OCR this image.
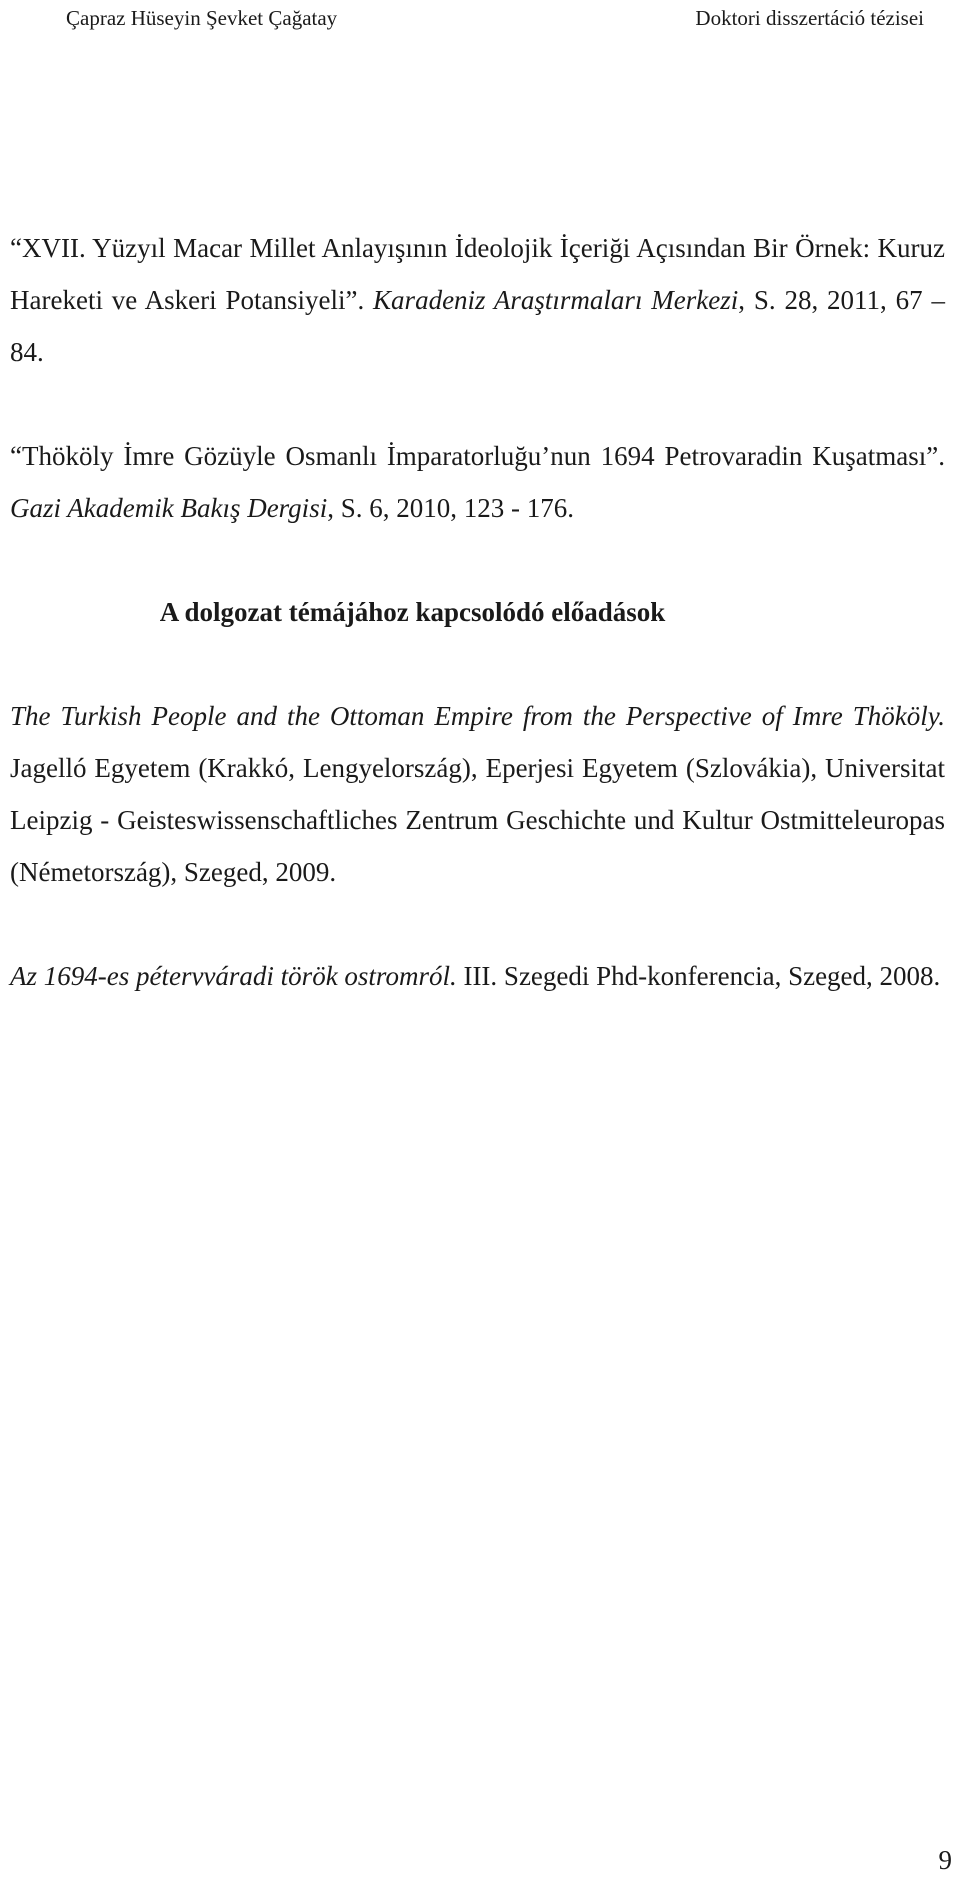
Çapraz Hüseyin Şevket Çağatay	Doktori disszertáció tézisei

“XVII. Yüzyıl Macar Millet Anlayışının İdeolojik İçeriği Açısından Bir Örnek: Kuruz Hareketi ve Askeri Potansiyeli”. Karadeniz Araştırmaları Merkezi, S. 28, 2011, 67 – 84.

“Thököly İmre Gözüyle Osmanlı İmparatorluğu’nun 1694 Petrovaradin Kuşatması”. Gazi Akademik Bakış Dergisi, S. 6, 2010, 123 - 176.

A dolgozat témájához kapcsolódó előadások

The Turkish People and the Ottoman Empire from the Perspective of Imre Thököly. Jagelló Egyetem (Krakkó, Lengyelország), Eperjesi Egyetem (Szlovákia), Universitat Leipzig - Geisteswissenschaftliches Zentrum Geschichte und Kultur Ostmitteleuropas (Németország), Szeged, 2009.

Az 1694-es pétervváradi török ostromról. III. Szegedi Phd-konferencia, Szeged, 2008.

9
